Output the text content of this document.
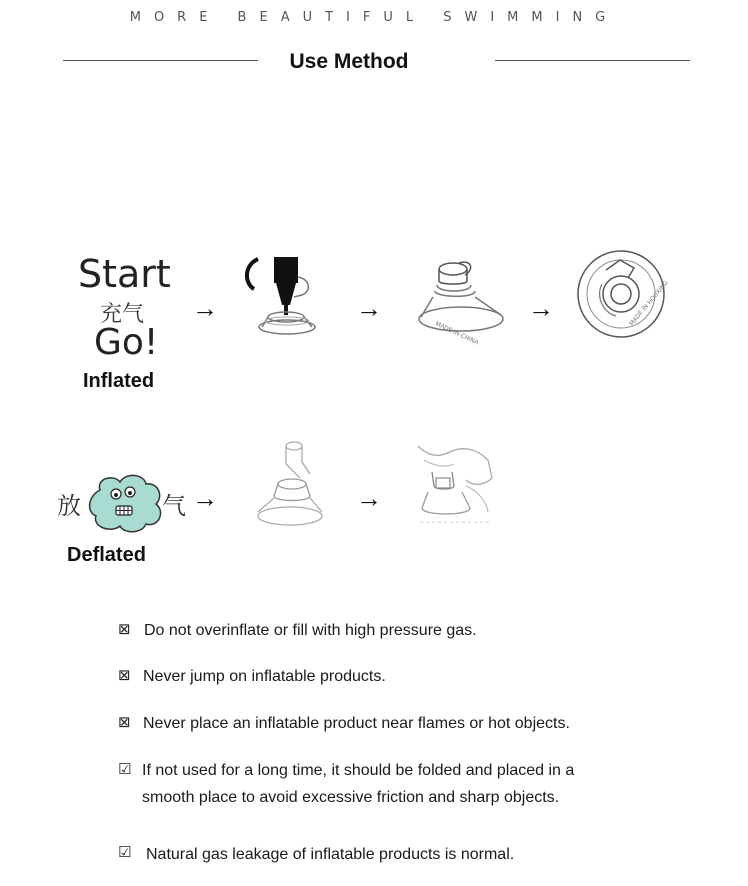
MORE BEAUTIFUL SWIMMING
Use Method
Start
充气
Go!
Inflated
→	→	→
MADE IN CHINA
MADE IN HOUXING
放	气
Deflated
→	→
⊠ Do not overinflate or fill with high pressure gas.
⊠ Never jump on inflatable products.
⊠ Never place an inflatable product near flames or hot objects.
☑ If not used for a long time, it should be folded and placed in a
smooth place to avoid excessive friction and sharp objects.
☑ Natural gas leakage of inflatable products is normal.
